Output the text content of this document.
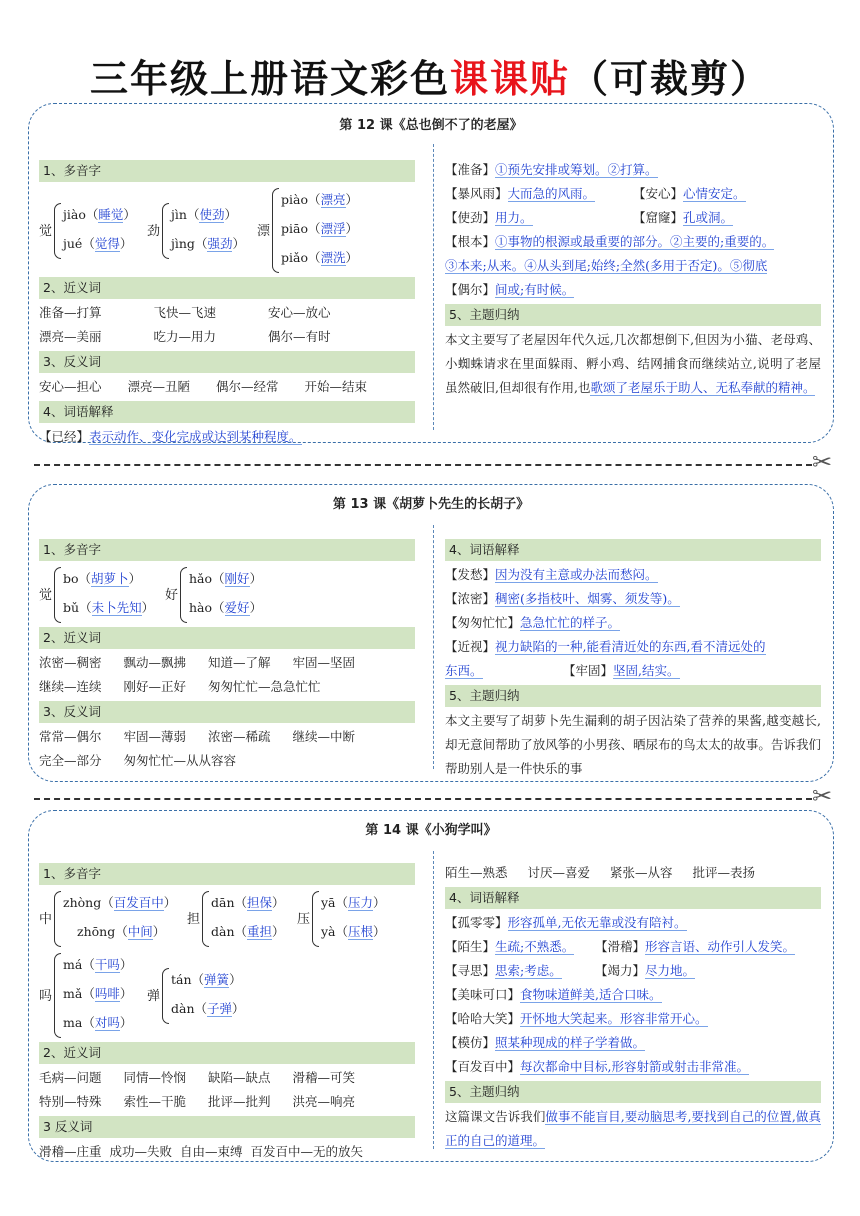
三年级上册语文彩色课课贴（可裁剪）
第 12 课《总也倒不了的老屋》
1、多音字
觉
jiào（睡觉）
jué（觉得）
劲
jìn（使劲）
jìng（强劲）
漂
piào（漂亮）
piāo（漂浮）
piǎo（漂洗）
2、近义词
准备—打算	飞快—飞速	安心—放心
漂亮—美丽	吃力—用力	偶尔—有时
3、反义词
安心—担心 漂亮—丑陋 偶尔—经常 开始—结束
4、词语解释
【已经】表示动作、变化完成或达到某种程度。
【准备】①预先安排或筹划。②打算。
【暴风雨】大而急的风雨。	【安心】心情安定。
【使劲】用力。	【窟窿】孔或洞。
【根本】①事物的根源或最重要的部分。②主要的;重要的。
③本来;从来。④从头到尾;始终;全然(多用于否定)。⑤彻底
【偶尔】间或;有时候。
5、主题归纳

本文主要写了老屋因年代久远,几次都想倒下,但因为小猫、老母鸡、小蜘蛛请求在里面躲雨、孵小鸡、结网捕食而继续站立,说明了老屋虽然破旧,但却很有作用,也歌颂了老屋乐于助人、无私奉献的精神。

✂
第 13 课《胡萝卜先生的长胡子》
1、多音字
觉
bo（胡萝卜）
bǔ（未卜先知）
好
hǎo（刚好）
hào（爱好）
2、近义词
浓密—稠密 飘动—飘拂 知道—了解 牢固—坚固
继续—连续 刚好—正好 匆匆忙忙—急急忙忙
3、反义词
常常—偶尔 牢固—薄弱 浓密—稀疏 继续—中断
完全—部分 匆匆忙忙—从从容容
4、词语解释
【发愁】因为没有主意或办法而愁闷。
【浓密】稠密(多指枝叶、烟雾、须发等)。
【匆匆忙忙】急急忙忙的样子。
【近视】视力缺陷的一种,能看清近处的东西,看不清远处的
东西。	【牢固】坚固,结实。
5、主题归纳

本文主要写了胡萝卜先生漏剩的胡子因沾染了营养的果酱,越变越长,却无意间帮助了放风筝的小男孩、晒尿布的鸟太太的故事。告诉我们帮助别人是一件快乐的事

✂
第 14 课《小狗学叫》
1、多音字
中
zhòng（百发百中）
zhōng（中间）
担
dān（担保）
dàn（重担）
压
yā（压力）
yà（压根）
吗
má（干吗）
mǎ（吗啡）
ma（对吗）
弹
tán（弹簧）
dàn（子弹）
2、近义词
毛病—问题 同情—怜悯 缺陷—缺点 滑稽—可笑
特别—特殊 索性—干脆 批评—批判 洪亮—响亮
3 反义词
滑稽—庄重 成功—失败 自由—束缚 百发百中—无的放矢
陌生—熟悉 讨厌—喜爱 紧张—从容 批评—表扬
4、词语解释
【孤零零】形容孤单,无依无靠或没有陪衬。
【陌生】生疏;不熟悉。 【滑稽】形容言语、动作引人发笑。
【寻思】思索;考虑。	【竭力】尽力地。
【美味可口】食物味道鲜美,适合口味。
【哈哈大笑】开怀地大笑起来。形容非常开心。
【模仿】照某种现成的样子学着做。
【百发百中】每次都命中目标,形容射箭或射击非常准。
5、主题归纳

这篇课文告诉我们做事不能盲目,要动脑思考,要找到自己的位置,做真正的自己的道理。
